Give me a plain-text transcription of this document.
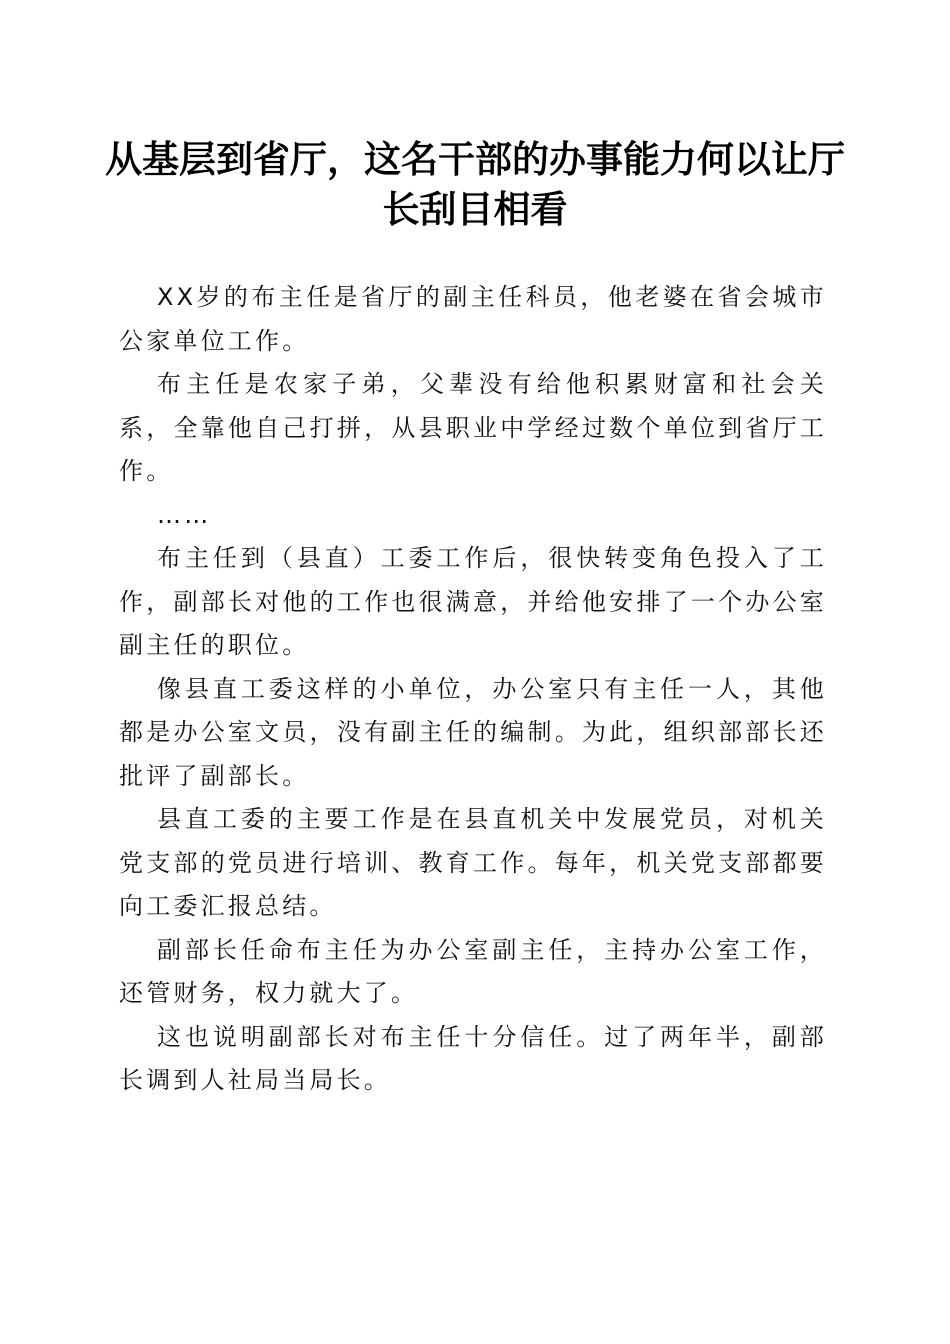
从基层到省厅，这名干部的办事能力何以让厅
长刮目相看

XX岁的布主任是省厅的副主任科员，他老婆在省会城市公家单位工作。

布主任是农家子弟，父辈没有给他积累财富和社会关系，全靠他自己打拼，从县职业中学经过数个单位到省厅工作。

……

布主任到（县直）工委工作后，很快转变角色投入了工作，副部长对他的工作也很满意，并给他安排了一个办公室副主任的职位。

像县直工委这样的小单位，办公室只有主任一人，其他都是办公室文员，没有副主任的编制。为此，组织部部长还批评了副部长。

县直工委的主要工作是在县直机关中发展党员，对机关党支部的党员进行培训、教育工作。每年，机关党支部都要向工委汇报总结。

副部长任命布主任为办公室副主任，主持办公室工作，还管财务，权力就大了。

这也说明副部长对布主任十分信任。过了两年半，副部长调到人社局当局长。
